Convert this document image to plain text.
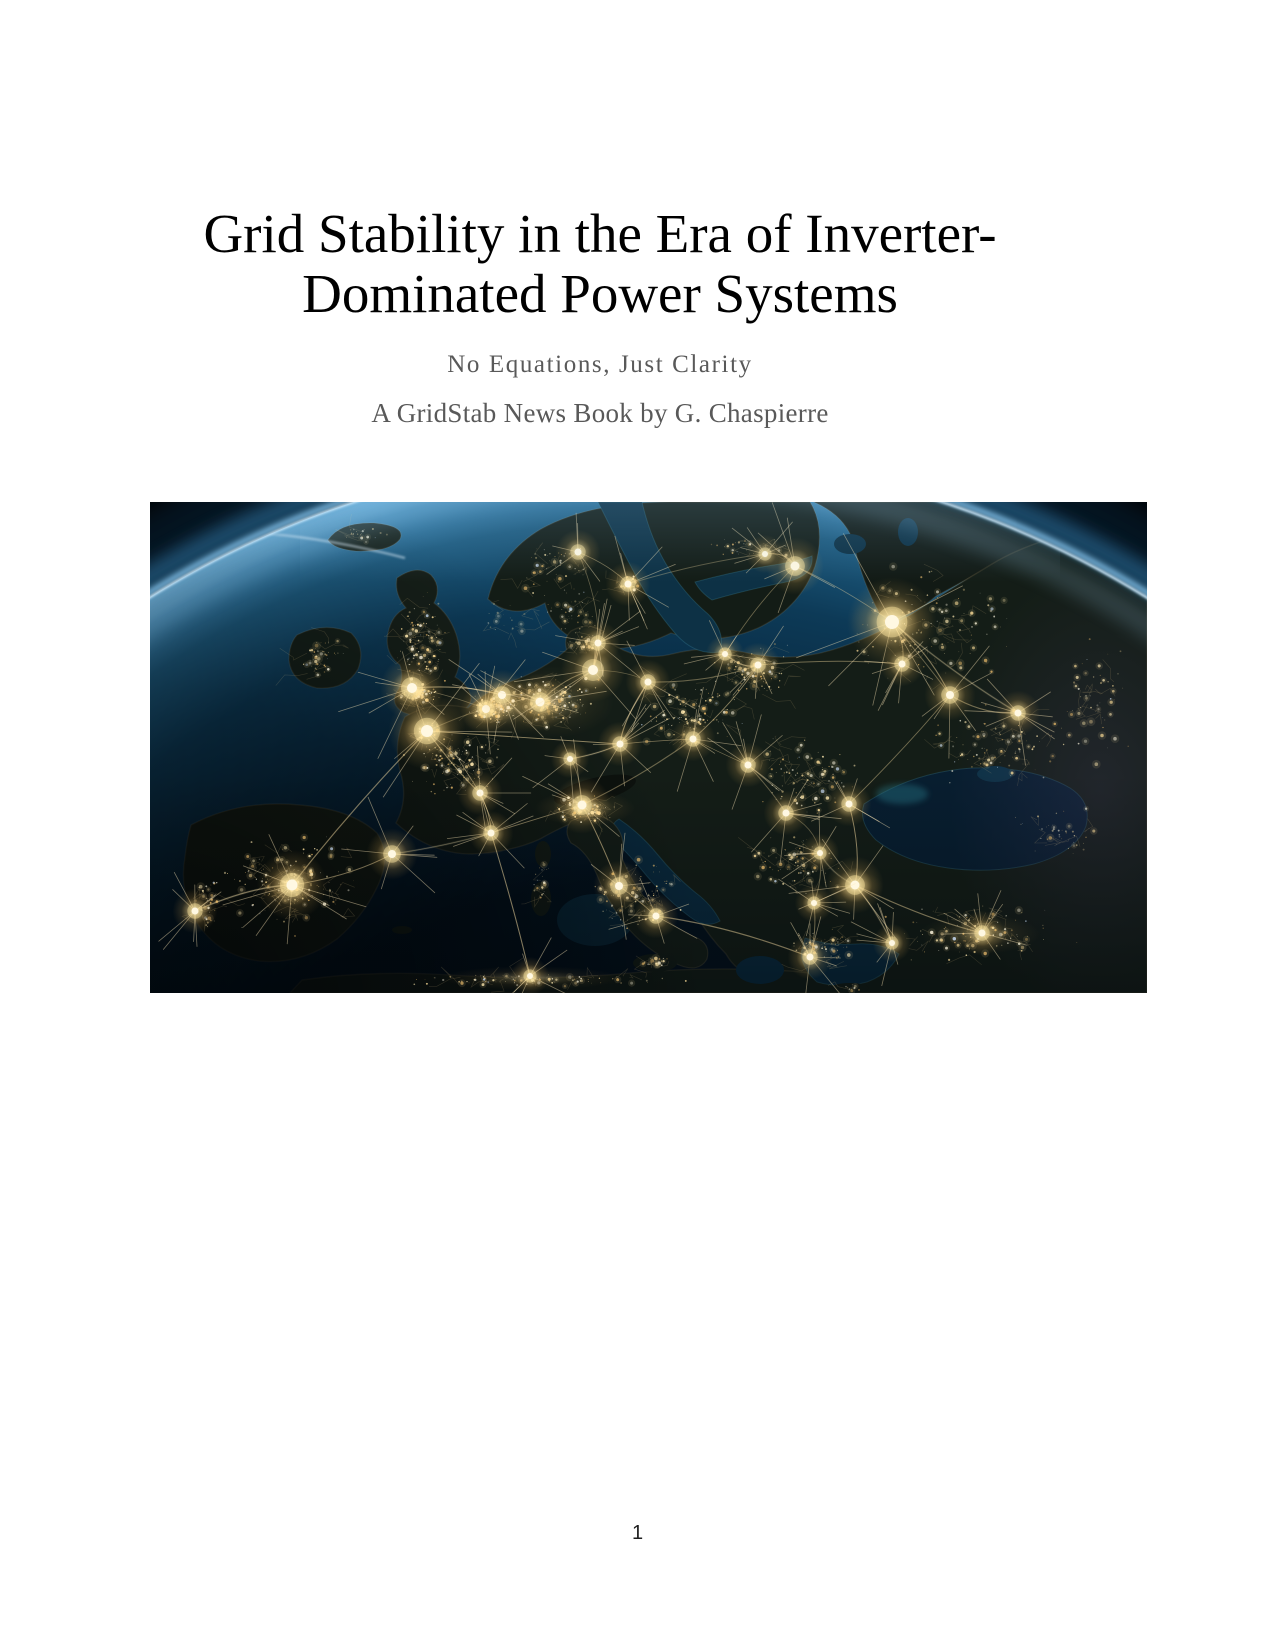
Grid Stability in the Era of Inverter-
Dominated Power Systems

No Equations, Just Clarity

A GridStab News Book by G. Chaspierre

1
